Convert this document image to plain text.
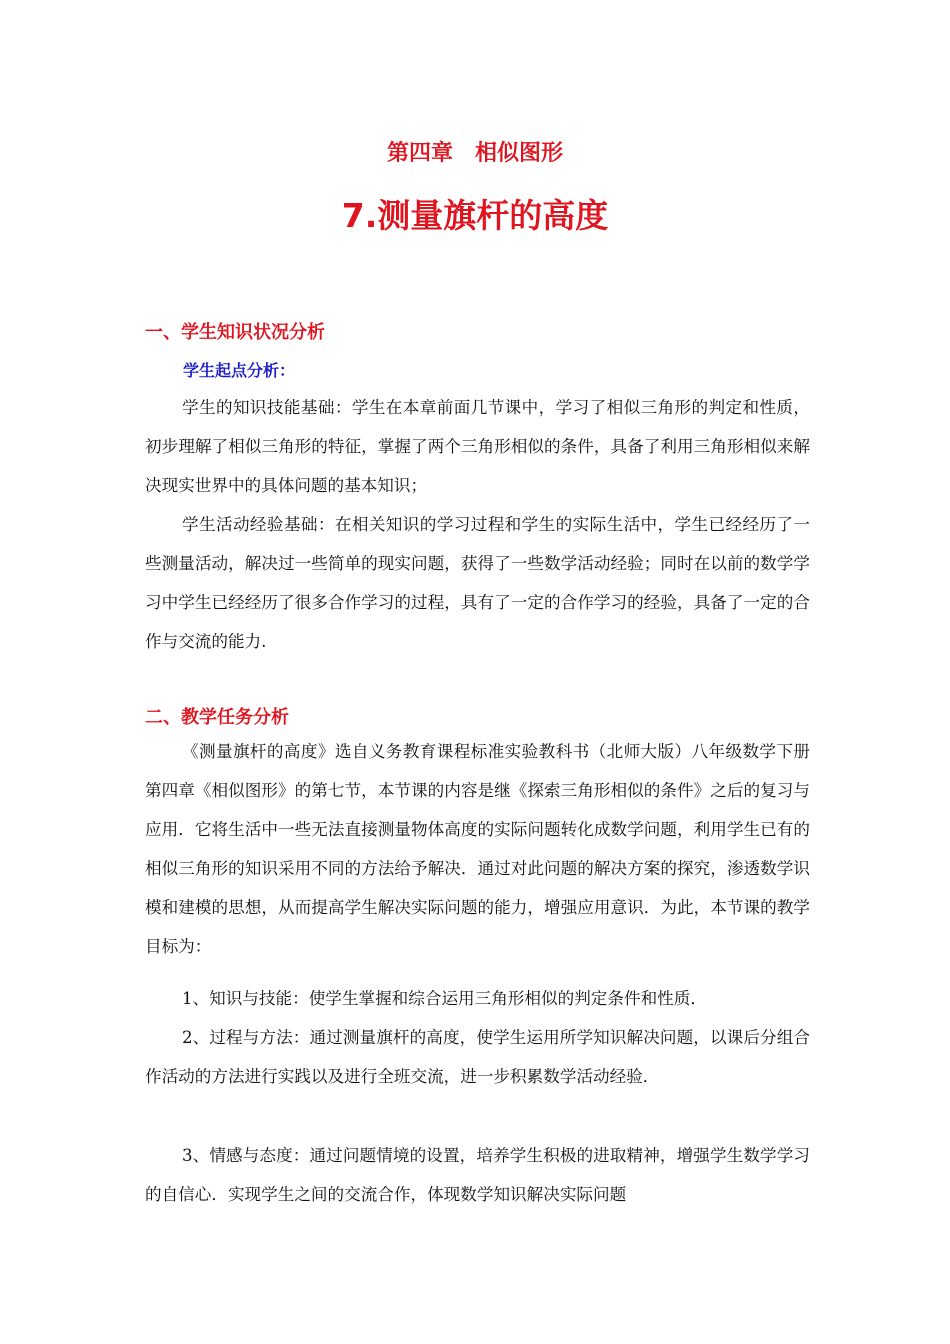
第四章　相似图形
7.测量旗杆的高度
一、学生知识状况分析
学生起点分析：

学生的知识技能基础：学生在本章前面几节课中，学习了相似三角形的判定和性质，初步理解了相似三角形的特征，掌握了两个三角形相似的条件，具备了利用三角形相似来解决现实世界中的具体问题的基本知识；

学生活动经验基础：在相关知识的学习过程和学生的实际生活中，学生已经经历了一些测量活动，解决过一些简单的现实问题，获得了一些数学活动经验；同时在以前的数学学习中学生已经经历了很多合作学习的过程，具有了一定的合作学习的经验，具备了一定的合作与交流的能力.

二、教学任务分析

《测量旗杆的高度》选自义务教育课程标准实验教科书（北师大版）八年级数学下册第四章《相似图形》的第七节，本节课的内容是继《探索三角形相似的条件》之后的复习与应用．它将生活中一些无法直接测量物体高度的实际问题转化成数学问题，利用学生已有的相似三角形的知识采用不同的方法给予解决．通过对此问题的解决方案的探究，渗透数学识模和建模的思想，从而提高学生解决实际问题的能力，增强应用意识．为此，本节课的教学目标为：

1、知识与技能：使学生掌握和综合运用三角形相似的判定条件和性质．

2、过程与方法：通过测量旗杆的高度，使学生运用所学知识解决问题，以课后分组合作活动的方法进行实践以及进行全班交流，进一步积累数学活动经验．

3、情感与态度：通过问题情境的设置，培养学生积极的进取精神，增强学生数学学习的自信心．实现学生之间的交流合作，体现数学知识解决实际问题
